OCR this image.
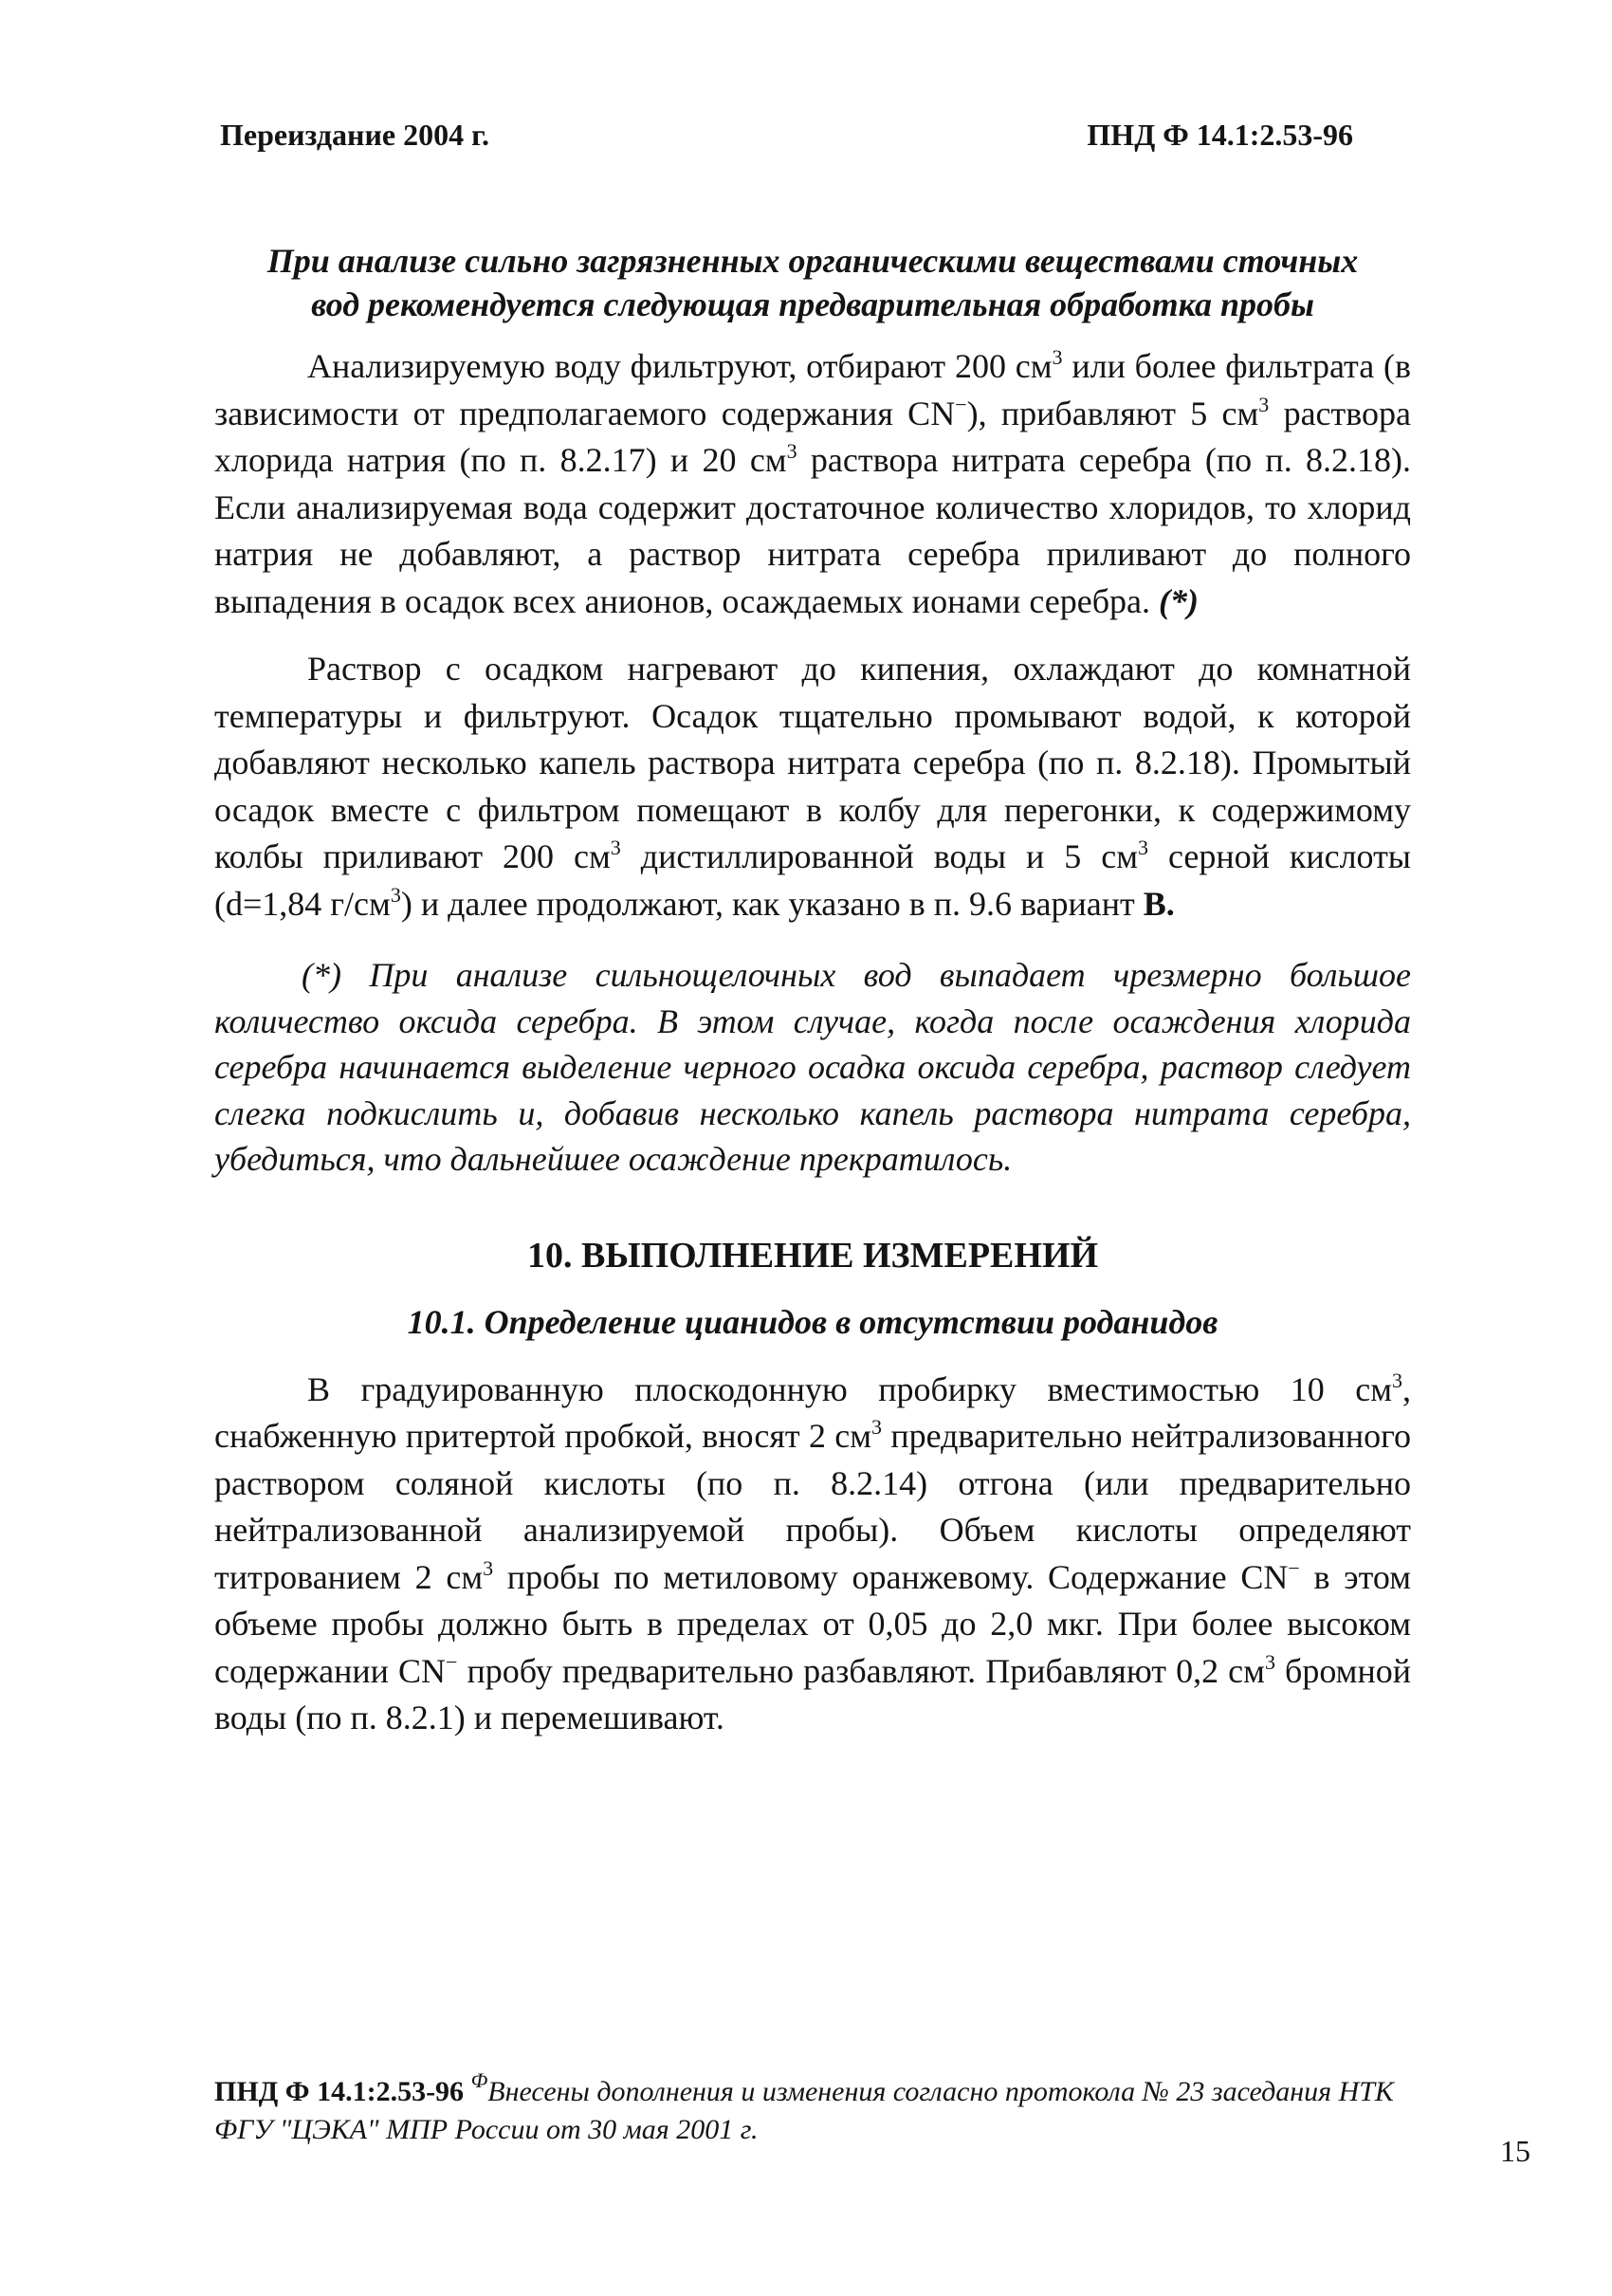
Переиздание 2004 г.	ПНД Ф 14.1:2.53-96

При анализе сильно загрязненных органическими веществами сточных
вод рекомендуется следующая предварительная обработка пробы

Анализируемую воду фильтруют, отбирают 200 $см^3$ или более фильтрата (в зависимости от предполагаемого содержания CN−), прибавляют 5 $см^3$ раствора хлорида натрия (по п. 8.2.17) и 20 $см^3$ раствора нитрата серебра (по п. 8.2.18). Если анализируемая вода содержит достаточное количество хлоридов, то хлорид натрия не добавляют, а раствор нитрата серебра приливают до полного выпадения в осадок всех анионов, осаждаемых ионами серебра. (*)

Раствор с осадком нагревают до кипения, охлаждают до комнатной температуры и фильтруют. Осадок тщательно промывают водой, к которой добавляют несколько капель раствора нитрата серебра (по п. 8.2.18). Промытый осадок вместе с фильтром помещают в колбу для перегонки, к содержимому колбы приливают 200 $см^3$ дистиллированной воды и 5 $см^3$ серной кислоты (d=1,84 $г/см^3$) и далее продолжают, как указано в п. 9.6 вариант В.

(*) При анализе сильнощелочных вод выпадает чрезмерно большое количество оксида серебра. В этом случае, когда после осаждения хлорида серебра начинается выделение черного осадка оксида серебра, раствор следует слегка подкислить и, добавив несколько капель раствора нитрата серебра, убедиться, что дальнейшее осаждение прекратилось.

10. ВЫПОЛНЕНИЕ ИЗМЕРЕНИЙ

10.1. Определение цианидов в отсутствии роданидов

В градуированную плоскодонную пробирку вместимостью 10 $см^3$, снабженную притертой пробкой, вносят 2 $см^3$ предварительно нейтрализованного раствором соляной кислоты (по п. 8.2.14) отгона (или предварительно нейтрализованной анализируемой пробы). Объем кислоты определяют титрованием 2 $см^3$ пробы по метиловому оранжевому. Содержание CN− в этом объеме пробы должно быть в пределах от 0,05 до 2,0 мкг. При более высоком содержании CN− пробу предварительно разбавляют. Прибавляют 0,2 $см^3$ бромной воды (по п. 8.2.1) и перемешивают.

ПНД Ф 14.1:2.53-96 $^Ф$Внесены дополнения и изменения согласно протокола № 23 заседания НТК ФГУ "ЦЭКА" МПР России от 30 мая 2001 г.
15
